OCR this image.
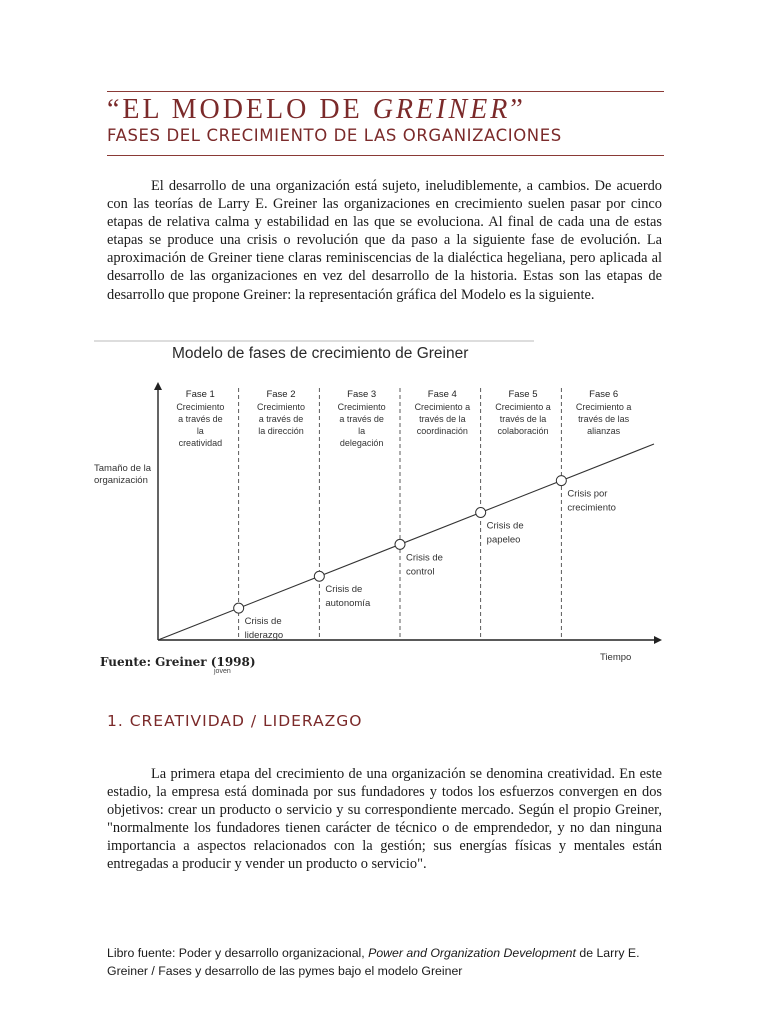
“EL MODELO DE GREINER”
FASES DEL CRECIMIENTO DE LAS ORGANIZACIONES

El desarrollo de una organización está sujeto, ineludiblemente, a cambios. De acuerdo con las teorías de Larry E. Greiner las organizaciones en crecimiento suelen pasar por cinco etapas de relativa calma y estabilidad en las que se evoluciona. Al final de cada una de estas etapas se produce una crisis o revolución que da paso a la siguiente fase de evolución. La aproximación de Greiner tiene claras reminiscencias de la dialéctica hegeliana, pero aplicada al desarrollo de las organizaciones en vez del desarrollo de la historia. Estas son las etapas de desarrollo que propone Greiner: la representación gráfica del Modelo es la siguiente.

Modelo de fases de crecimiento de Greiner
Fase 1
Crecimiento
a través de
la
creatividad
Fase 2
Crecimiento
a través de
la dirección
Fase 3
Crecimiento
a través de
la
delegación
Fase 4
Crecimiento a
través de la
coordinación
Fase 5
Crecimiento a
través de la
colaboración
Fase 6
Crecimiento a
través de las
alianzas
Crisis de
liderazgo
Crisis de
autonomía
Crisis de
control
Crisis de
papeleo
Crisis por
crecimiento
Tamaño de la
organización
Tiempo
Fuente: Greiner (1998)
joven
1. CREATIVIDAD / LIDERAZGO

La primera etapa del crecimiento de una organización se denomina creatividad. En este estadio, la empresa está dominada por sus fundadores y todos los esfuerzos convergen en dos objetivos: crear un producto o servicio y su correspondiente mercado. Según el propio Greiner, "normalmente los fundadores tienen carácter de técnico o de emprendedor, y no dan ninguna importancia a aspectos relacionados con la gestión; sus energías físicas y mentales están entregadas a producir y vender un producto o servicio".

Libro fuente: Poder y desarrollo organizacional, Power and Organization Development de Larry E. Greiner / Fases y desarrollo de las pymes bajo el modelo Greiner
